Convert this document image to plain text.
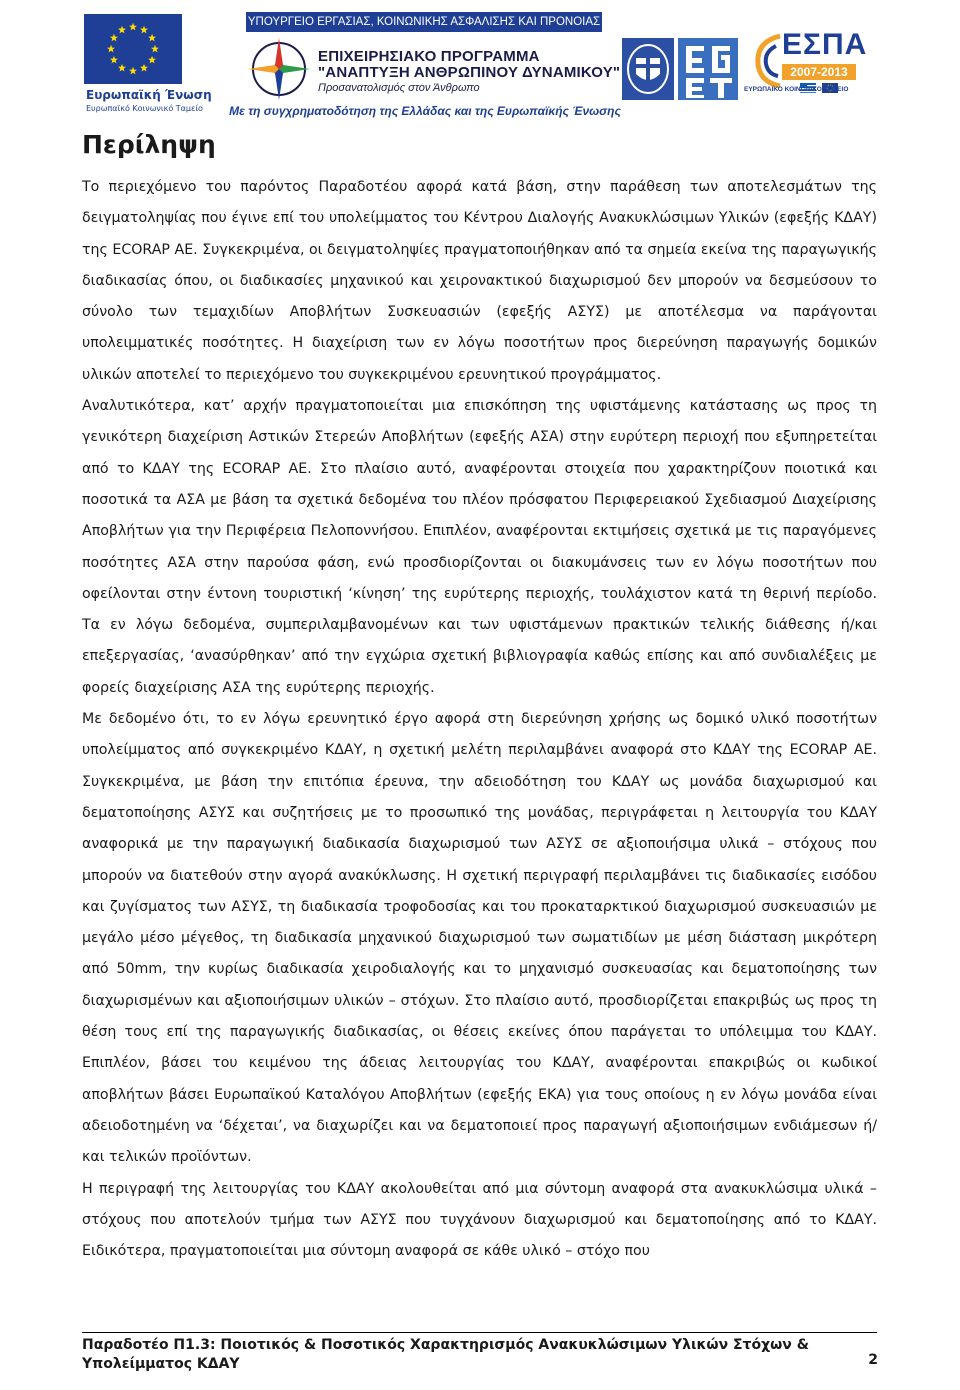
Ευρωπαϊκή Ένωση
Ευρωπαϊκό Κοινωνικό Ταμείο
ΥΠΟΥΡΓΕΙΟ ΕΡΓΑΣΙΑΣ, ΚΟΙΝΩΝΙΚΗΣ ΑΣΦΑΛΙΣΗΣ ΚΑΙ ΠΡΟΝΟΙΑΣ
ΕΠΙΧΕΙΡΗΣΙΑΚΟ ΠΡΟΓΡΑΜΜΑ
"ΑΝΑΠΤΥΞΗ ΑΝΘΡΩΠΙΝΟΥ ΔΥΝΑΜΙΚΟΥ"
Προσανατολισμός στον Άνθρωπο
Με τη συγχρηματοδότηση της Ελλάδας και της Ευρωπαϊκής Ένωσης
ΕΣΠΑ
2007-2013
ΕΥΡΩΠΑΪΚΟ ΚΟΙΝΩΝΙΚΟ ΤΑΜΕΙΟ
Περίληψη

Το περιεχόμενο του παρόντος Παραδοτέου αφορά κατά βάση, στην παράθεση των αποτελεσμάτων της δειγματοληψίας που έγινε επί του υπολείμματος του Κέντρου Διαλογής Ανακυκλώσιμων Υλικών (εφεξής ΚΔΑΥ) της ECORAP ΑΕ. Συγκεκριμένα, οι δειγματοληψίες πραγματοποιήθηκαν από τα σημεία εκείνα της παραγωγικής διαδικασίας όπου, οι διαδικασίες μηχανικού και χειρονακτικού διαχωρισμού δεν μπορούν να δεσμεύσουν το σύνολο των τεμαχιδίων Αποβλήτων Συσκευασιών (εφεξής ΑΣΥΣ) με αποτέλεσμα να παράγονται υπολειμματικές ποσότητες. Η διαχείριση των εν λόγω ποσοτήτων προς διερεύνηση παραγωγής δομικών υλικών αποτελεί το περιεχόμενο του συγκεκριμένου ερευνητικού προγράμματος.

Αναλυτικότερα, κατ’ αρχήν πραγματοποιείται μια επισκόπηση της υφιστάμενης κατάστασης ως προς τη γενικότερη διαχείριση Αστικών Στερεών Αποβλήτων (εφεξής ΑΣΑ) στην ευρύτερη περιοχή που εξυπηρετείται από το ΚΔΑΥ της ECORAP ΑΕ. Στο πλαίσιο αυτό, αναφέρονται στοιχεία που χαρακτηρίζουν ποιοτικά και ποσοτικά τα ΑΣΑ με βάση τα σχετικά δεδομένα του πλέον πρόσφατου Περιφερειακού Σχεδιασμού Διαχείρισης Αποβλήτων για την Περιφέρεια Πελοποννήσου. Επιπλέον, αναφέρονται εκτιμήσεις σχετικά με τις παραγόμενες ποσότητες ΑΣΑ στην παρούσα φάση, ενώ προσδιορίζονται οι διακυμάνσεις των εν λόγω ποσοτήτων που οφείλονται στην έντονη τουριστική ‘κίνηση’ της ευρύτερης περιοχής, τουλάχιστον κατά τη θερινή περίοδο. Τα εν λόγω δεδομένα, συμπεριλαμβανομένων και των υφιστάμενων πρακτικών τελικής διάθεσης ή/και επεξεργασίας, ‘ανασύρθηκαν’ από την εγχώρια σχετική βιβλιογραφία καθώς επίσης και από συνδιαλέξεις με φορείς διαχείρισης ΑΣΑ της ευρύτερης περιοχής.

Με δεδομένο ότι, το εν λόγω ερευνητικό έργο αφορά στη διερεύνηση χρήσης ως δομικό υλικό ποσοτήτων υπολείμματος από συγκεκριμένο ΚΔΑΥ, η σχετική μελέτη περιλαμβάνει αναφορά στο ΚΔΑΥ της ECORAP ΑΕ. Συγκεκριμένα, με βάση την επιτόπια έρευνα, την αδειοδότηση του ΚΔΑΥ ως μονάδα διαχωρισμού και δεματοποίησης ΑΣΥΣ και συζητήσεις με το προσωπικό της μονάδας, περιγράφεται η λειτουργία του ΚΔΑΥ αναφορικά με την παραγωγική διαδικασία διαχωρισμού των ΑΣΥΣ σε αξιοποιήσιμα υλικά – στόχους που μπορούν να διατεθούν στην αγορά ανακύκλωσης. Η σχετική περιγραφή περιλαμβάνει τις διαδικασίες εισόδου και ζυγίσματος των ΑΣΥΣ, τη διαδικασία τροφοδοσίας και του προκαταρκτικού διαχωρισμού συσκευασιών με μεγάλο μέσο μέγεθος, τη διαδικασία μηχανικού διαχωρισμού των σωματιδίων με μέση διάσταση μικρότερη από 50mm, την κυρίως διαδικασία χειροδιαλογής και το μηχανισμό συσκευασίας και δεματοποίησης των διαχωρισμένων και αξιοποιήσιμων υλικών – στόχων. Στο πλαίσιο αυτό, προσδιορίζεται επακριβώς ως προς τη θέση τους επί της παραγωγικής διαδικασίας, οι θέσεις εκείνες όπου παράγεται το υπόλειμμα του ΚΔΑΥ. Επιπλέον, βάσει του κειμένου της άδειας λειτουργίας του ΚΔΑΥ, αναφέρονται επακριβώς οι κωδικοί αποβλήτων βάσει Ευρωπαϊκού Καταλόγου Αποβλήτων (εφεξής ΕΚΑ) για τους οποίους η εν λόγω μονάδα είναι αδειοδοτημένη να ‘δέχεται’, να διαχωρίζει και να δεματοποιεί προς παραγωγή αξιοποιήσιμων ενδιάμεσων ή/και τελικών προϊόντων.

Η περιγραφή της λειτουργίας του ΚΔΑΥ ακολουθείται από μια σύντομη αναφορά στα ανακυκλώσιμα υλικά – στόχους που αποτελούν τμήμα των ΑΣΥΣ που τυγχάνουν διαχωρισμού και δεματοποίησης από το ΚΔΑΥ. Ειδικότερα, πραγματοποιείται μια σύντομη αναφορά σε κάθε υλικό – στόχο που

Παραδοτέο Π1.3: Ποιοτικός & Ποσοτικός Χαρακτηρισμός Ανακυκλώσιμων Υλικών Στόχων & Υπολείμματος ΚΔΑΥ	2
